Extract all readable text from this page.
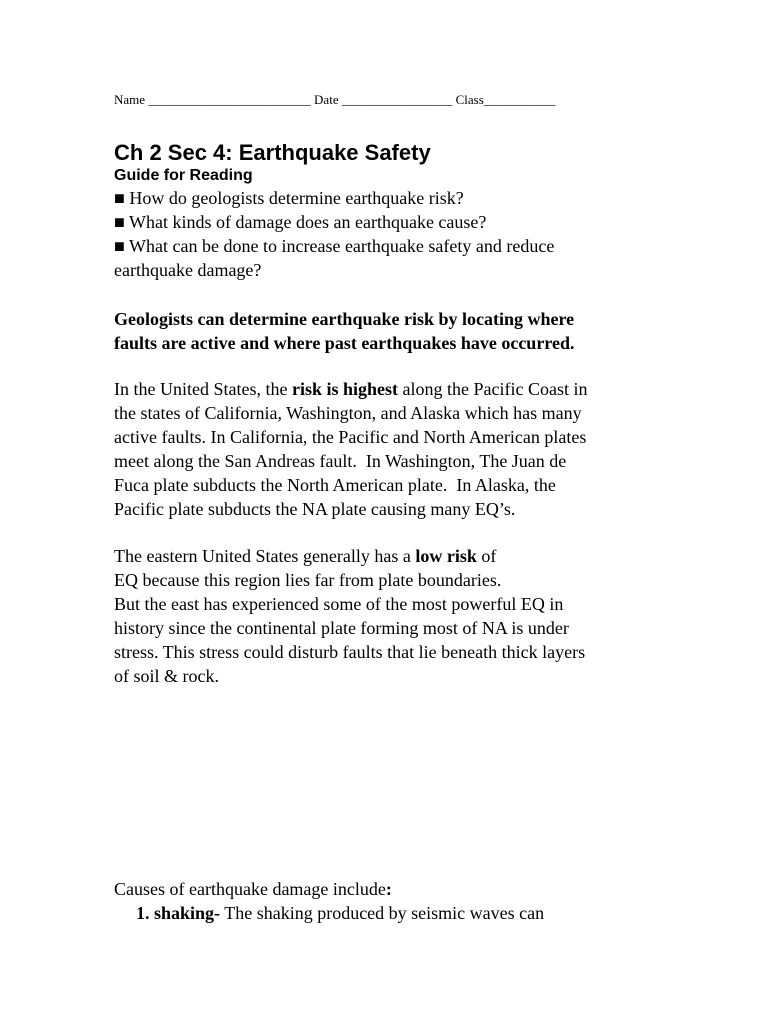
Name _________________________ Date _________________ Class___________
Ch 2 Sec 4: Earthquake Safety
Guide for Reading
■ How do geologists determine earthquake risk?
■ What kinds of damage does an earthquake cause?
■ What can be done to increase earthquake safety and reduce
earthquake damage?
Geologists can determine earthquake risk by locating where
faults are active and where past earthquakes have occurred.
In the United States, the risk is highest along the Pacific Coast in
the states of California, Washington, and Alaska which has many
active faults. In California, the Pacific and North American plates
meet along the San Andreas fault.  In Washington, The Juan de
Fuca plate subducts the North American plate.  In Alaska, the
Pacific plate subducts the NA plate causing many EQ’s.
The eastern United States generally has a low risk of
EQ because this region lies far from plate boundaries.
But the east has experienced some of the most powerful EQ in
history since the continental plate forming most of NA is under
stress. This stress could disturb faults that lie beneath thick layers
of soil & rock.
Causes of earthquake damage include:
1. shaking- The shaking produced by seismic waves can
